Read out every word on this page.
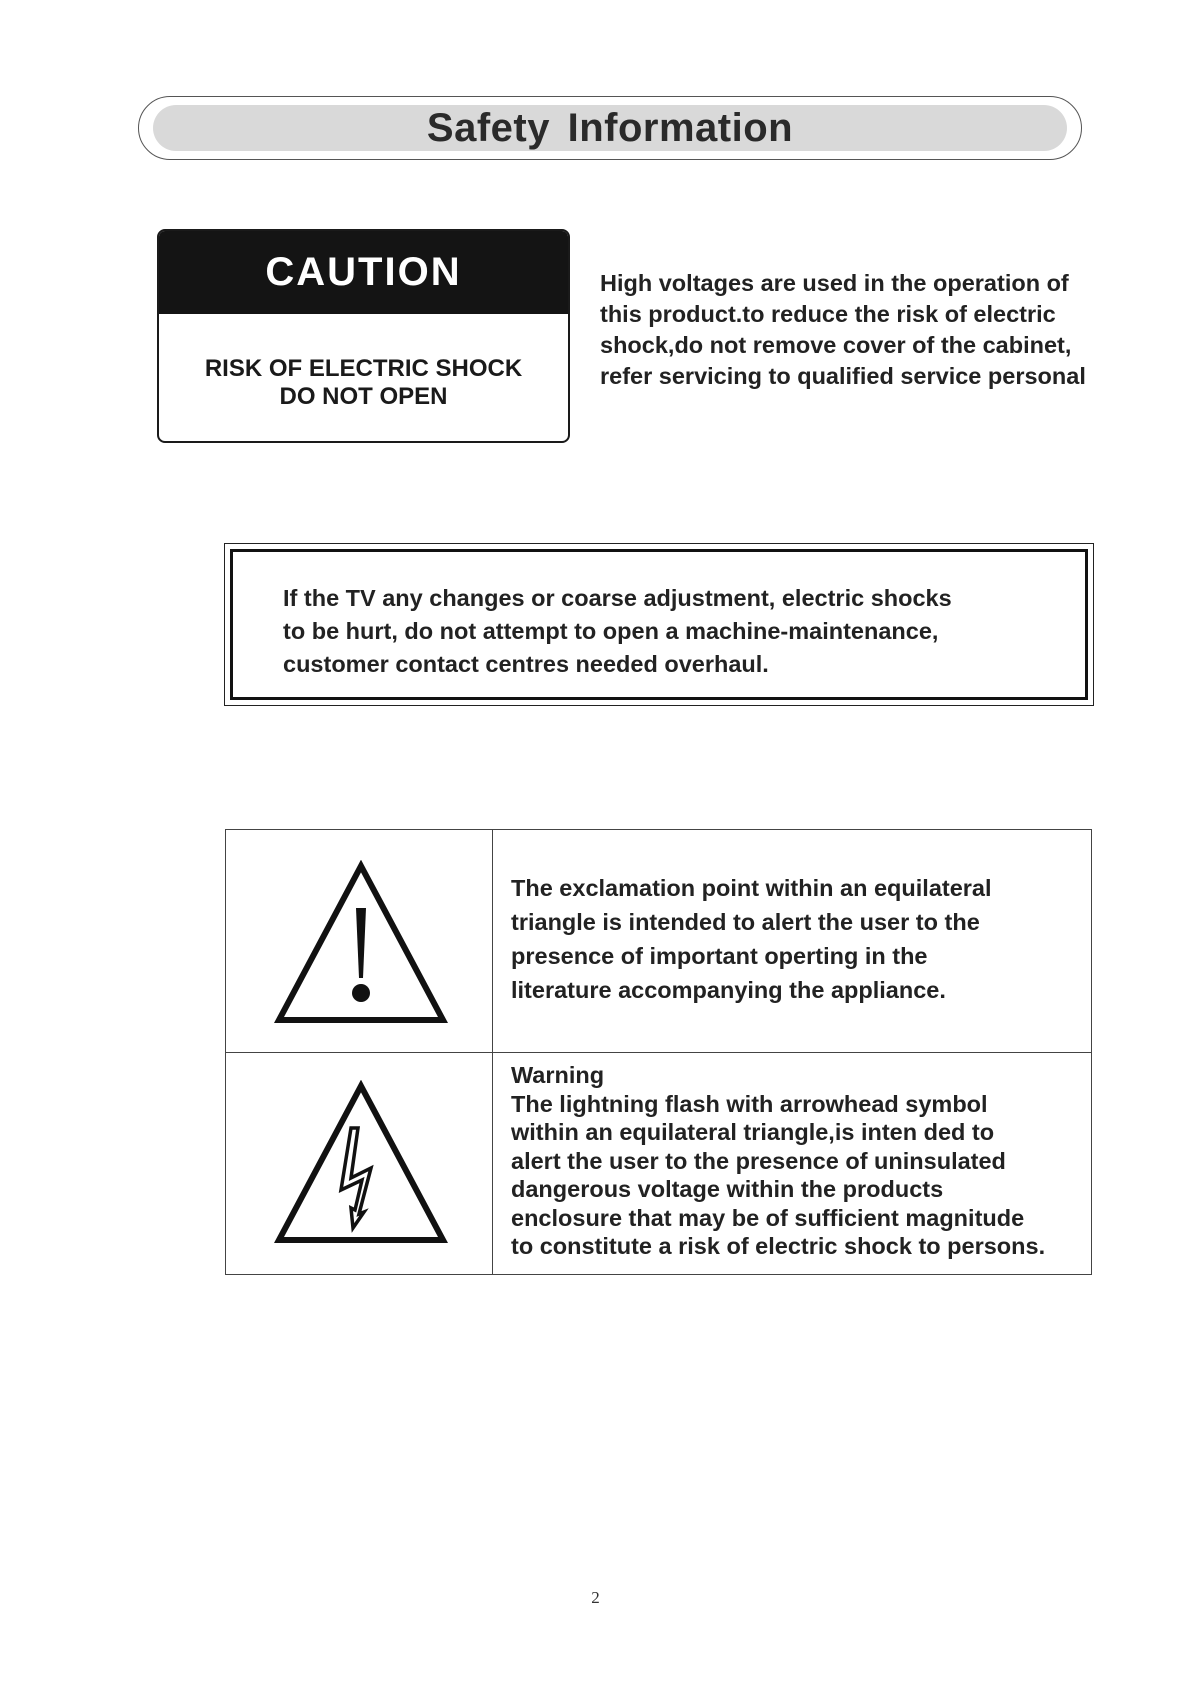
Safety Information
CAUTION
RISK OF ELECTRIC SHOCK
DO NOT OPEN
High voltages are used in the operation of
this product.to reduce the risk of electric
shock,do not remove cover of the cabinet,
refer servicing to qualified service personal
If the TV any changes or coarse adjustment, electric shocks
to be hurt, do not attempt to open a machine-maintenance,
customer contact centres needed overhaul.
The exclamation point within an equilateral
triangle is intended to alert the user to the
presence of important operting in the
literature accompanying the appliance.
Warning
The lightning flash with arrowhead symbol
within an equilateral triangle,is inten ded to
alert the user to the presence of uninsulated
dangerous voltage within the products
enclosure that may be of sufficient magnitude
to constitute a risk of electric shock to persons.
2
